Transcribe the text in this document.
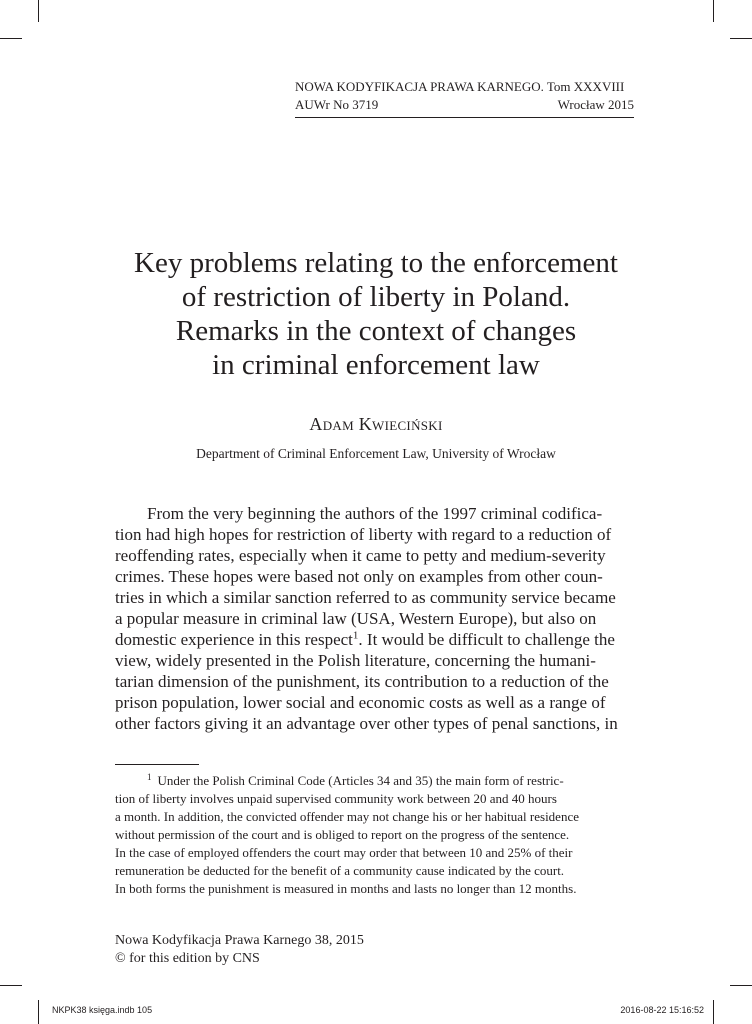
NOWA KODYFIKACJA PRAWA KARNEGO. Tom XXXVIII
AUWr No 3719	Wrocław 2015
Key problems relating to the enforcement
of restriction of liberty in Poland.
Remarks in the context of changes
in criminal enforcement law
Adam Kwieciński
Department of Criminal Enforcement Law, University of Wrocław
From the very beginning the authors of the 1997 criminal codifica-
tion had high hopes for restriction of liberty with regard to a reduction of
reoffending rates, especially when it came to petty and medium-severity
crimes. These hopes were based not only on examples from other coun-
tries in which a similar sanction referred to as community service became
a popular measure in criminal law (USA, Western Europe), but also on
domestic experience in this respect$^1$. It would be difficult to challenge the
view, widely presented in the Polish literature, concerning the humani-
tarian dimension of the punishment, its contribution to a reduction of the
prison population, lower social and economic costs as well as a range of
other factors giving it an advantage over other types of penal sanctions, in
$^1$ Under the Polish Criminal Code (Articles 34 and 35) the main form of restric-
tion of liberty involves unpaid supervised community work between 20 and 40 hours
a month. In addition, the convicted offender may not change his or her habitual residence
without permission of the court and is obliged to report on the progress of the sentence.
In the case of employed offenders the court may order that between 10 and 25% of their
remuneration be deducted for the benefit of a community cause indicated by the court.
In both forms the punishment is measured in months and lasts no longer than 12 months.
Nowa Kodyfikacja Prawa Karnego 38, 2015
© for this edition by CNS
NKPK38 księga.indb 105	2016-08-22 15:16:52
